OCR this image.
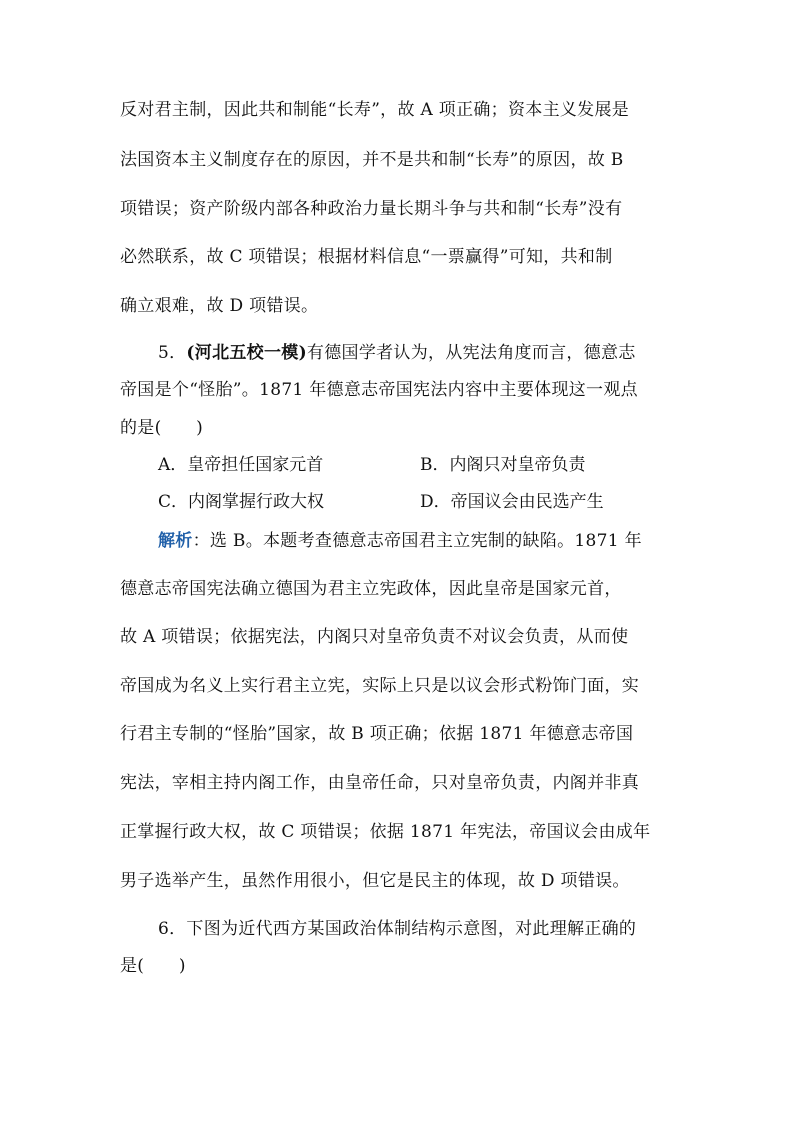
反对君主制，因此共和制能“长寿”，故 A 项正确；资本主义发展是
法国资本主义制度存在的原因，并不是共和制“长寿”的原因，故 B
项错误；资产阶级内部各种政治力量长期斗争与共和制“长寿”没有
必然联系，故 C 项错误；根据材料信息“一票赢得”可知，共和制
确立艰难，故 D 项错误。
5．(河北五校一模)有德国学者认为，从宪法角度而言，德意志
帝国是个“怪胎”。1871 年德意志帝国宪法内容中主要体现这一观点
的是(　　)
A．皇帝担任国家元首	B．内阁只对皇帝负责
C．内阁掌握行政大权	D．帝国议会由民选产生
解析：选 B。本题考查德意志帝国君主立宪制的缺陷。1871 年
德意志帝国宪法确立德国为君主立宪政体，因此皇帝是国家元首，
故 A 项错误；依据宪法，内阁只对皇帝负责不对议会负责，从而使
帝国成为名义上实行君主立宪，实际上只是以议会形式粉饰门面，实
行君主专制的“怪胎”国家，故 B 项正确；依据 1871 年德意志帝国
宪法，宰相主持内阁工作，由皇帝任命，只对皇帝负责，内阁并非真
正掌握行政大权，故 C 项错误；依据 1871 年宪法，帝国议会由成年
男子选举产生，虽然作用很小，但它是民主的体现，故 D 项错误。
6．下图为近代西方某国政治体制结构示意图，对此理解正确的
是(　　)
